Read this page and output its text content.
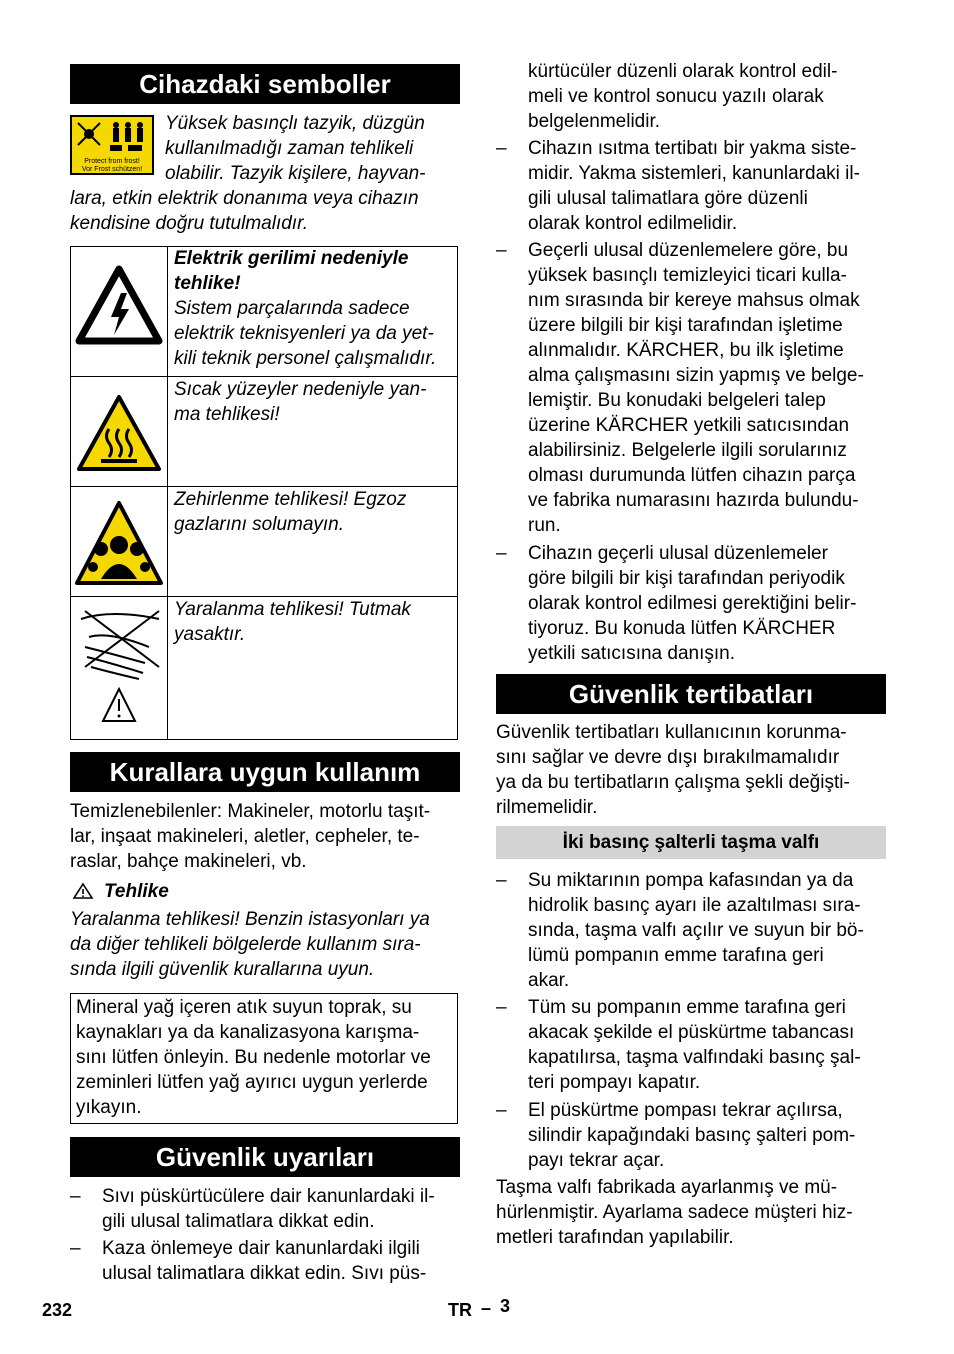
Cihazdaki semboller
Protect from frost!
Vor Frost schützen!
Yüksek basınçlı tazyik, düzgün
kullanılmadığı zaman tehlikeli
olabilir. Tazyik kişilere, hayvan-
lara, etkin elektrik donanıma veya cihazın
kendisine doğru tutulmalıdır.
Elektrik gerilimi nedeniyle
tehlike!
Sistem parçalarında sadece
elektrik teknisyenleri ya da yet-
kili teknik personel çalışmalıdır.
Sıcak yüzeyler nedeniyle yan-
ma tehlikesi!
Zehirlenme tehlikesi! Egzoz
gazlarını solumayın.
Yaralanma tehlikesi! Tutmak
yasaktır.
Kurallara uygun kullanım
Temizlenebilenler: Makineler, motorlu taşıt-
lar, inşaat makineleri, aletler, cepheler, te-
raslar, bahçe makineleri, vb.
Tehlike
Yaralanma tehlikesi! Benzin istasyonları ya
da diğer tehlikeli bölgelerde kullanım sıra-
sında ilgili güvenlik kurallarına uyun.
Mineral yağ içeren atık suyun toprak, su
kaynakları ya da kanalizasyona karışma-
sını lütfen önleyin. Bu nedenle motorlar ve
zeminleri lütfen yağ ayırıcı uygun yerlerde
yıkayın.
Güvenlik uyarıları
–	Sıvı püskürtücülere dair kanunlardaki il-
gili ulusal talimatlara dikkat edin.
–	Kaza önlemeye dair kanunlardaki ilgili
ulusal talimatlara dikkat edin. Sıvı püs-
kürtücüler düzenli olarak kontrol edil-
meli ve kontrol sonucu yazılı olarak
belgelenmelidir.
–	Cihazın ısıtma tertibatı bir yakma siste-
midir. Yakma sistemleri, kanunlardaki il-
gili ulusal talimatlara göre düzenli
olarak kontrol edilmelidir.
–	Geçerli ulusal düzenlemelere göre, bu
yüksek basınçlı temizleyici ticari kulla-
nım sırasında bir kereye mahsus olmak
üzere bilgili bir kişi tarafından işletime
alınmalıdır. KÄRCHER, bu ilk işletime
alma çalışmasını sizin yapmış ve belge-
lemiştir. Bu konudaki belgeleri talep
üzerine KÄRCHER yetkili satıcısından
alabilirsiniz. Belgelerle ilgili sorularınız
olması durumunda lütfen cihazın parça
ve fabrika numarasını hazırda bulundu-
run.
–	Cihazın geçerli ulusal düzenlemeler
göre bilgili bir kişi tarafından periyodik
olarak kontrol edilmesi gerektiğini belir-
tiyoruz. Bu konuda lütfen KÄRCHER
yetkili satıcısına danışın.
Güvenlik tertibatları
Güvenlik tertibatları kullanıcının korunma-
sını sağlar ve devre dışı bırakılmamalıdır
ya da bu tertibatların çalışma şekli değişti-
rilmemelidir.
İki basınç şalterli taşma valfı
–	Su miktarının pompa kafasından ya da
hidrolik basınç ayarı ile azaltılması sıra-
sında, taşma valfı açılır ve suyun bir bö-
lümü pompanın emme tarafına geri
akar.
–	Tüm su pompanın emme tarafına geri
akacak şekilde el püskürtme tabancası
kapatılırsa, taşma valfındaki basınç şal-
teri pompayı kapatır.
–	El püskürtme pompası tekrar açılırsa,
silindir kapağındaki basınç şalteri pom-
payı tekrar açar.
Taşma valfı fabrikada ayarlanmış ve mü-
hürlenmiştir. Ayarlama sadece müşteri hiz-
metleri tarafından yapılabilir.
232	TR – 3
